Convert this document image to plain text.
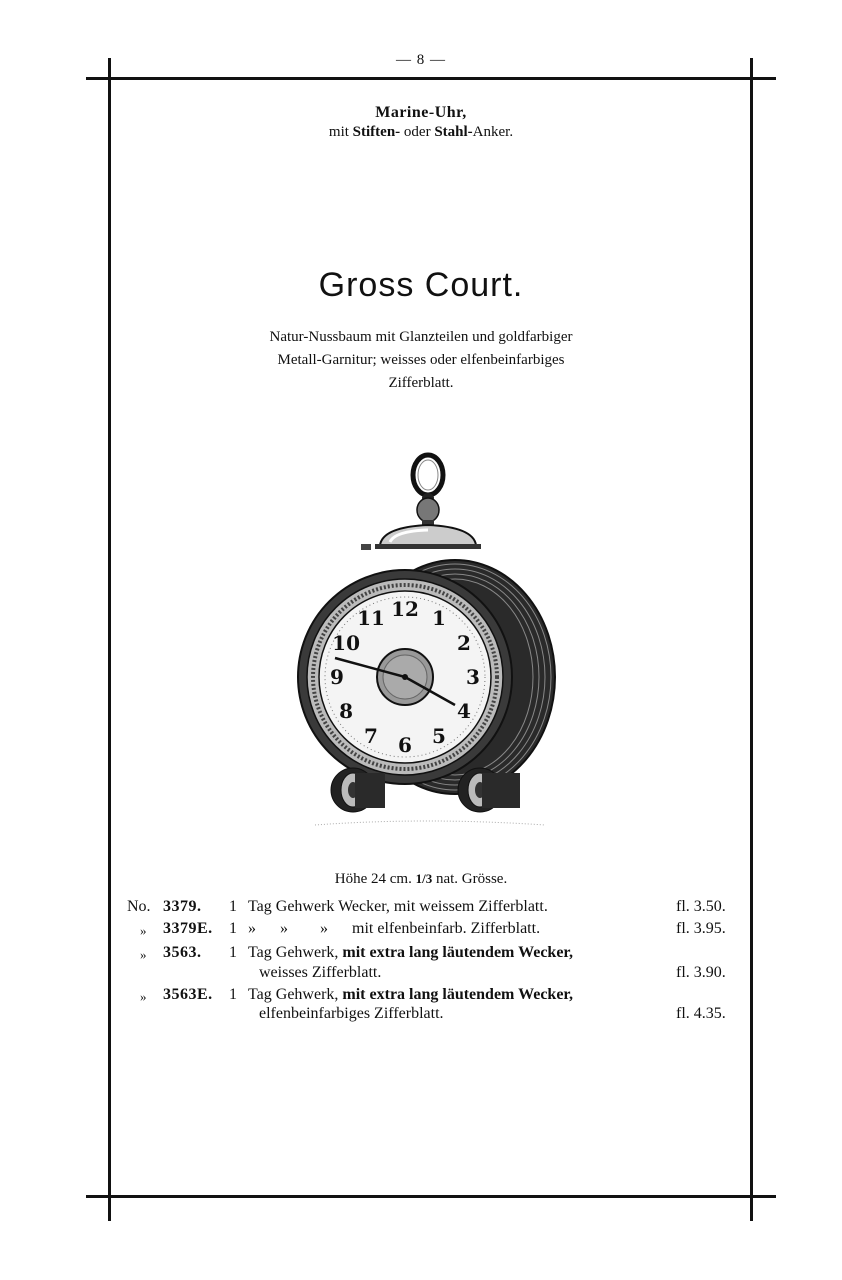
— 8 —
Marine-Uhr,
mit Stiften- oder Stahl-Anker.
Gross Court.
Natur-Nussbaum mit Glanzteilen und goldfarbiger
Metall-Garnitur; weisses oder elfenbeinfarbiges
Zifferblatt.
12 1
2
3
4
5
6
7
8
9
10
11
Höhe 24 cm. 1/3 nat. Grösse.
No. 3379. 1 Tag Gehwerk Wecker, mit weissem Zifferblatt.	fl. 3.50.
» 3379E. 1 »      »        »      mit elfenbeinfarb. Zifferblatt.	fl. 3.95.
» 3563. 1 Tag Gehwerk, mit extra lang läutendem Wecker,
weisses Zifferblatt.	fl. 3.90.
» 3563E. 1 Tag Gehwerk, mit extra lang läutendem Wecker,
elfenbeinfarbiges Zifferblatt.	fl. 4.35.
